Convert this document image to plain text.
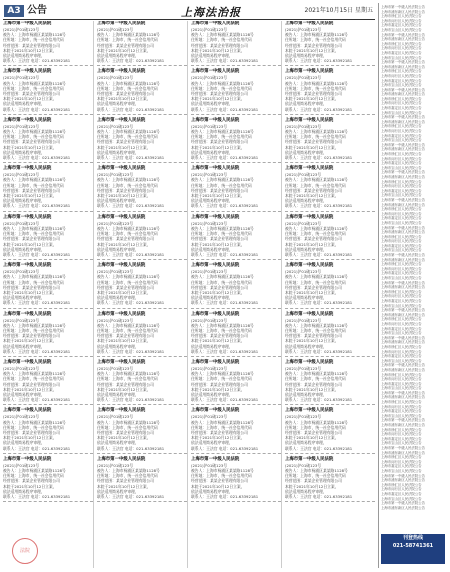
A3 公告	上海法治报	2021年10月15日 星期五
上海市第一中级人民法院
(2021)沪01破123号
被告人：上海市杨浦区某某路1128号
住所地：上海市，统一社会信用代码
经营范围：某某企业管理有限公司
本院于2021年10月12日立案，
依法适用简易程序审理，
联系人：王法官 电话：021-63392181
上海市第一中级人民法院
(2021)沪01破123号
被告人：上海市杨浦区某某路1128号
住所地：上海市，统一社会信用代码
经营范围：某某企业管理有限公司
本院于2021年10月12日立案，
依法适用简易程序审理，
联系人：王法官 电话：021-63392181
上海市第一中级人民法院
(2021)沪01破123号
被告人：上海市杨浦区某某路1128号
住所地：上海市，统一社会信用代码
经营范围：某某企业管理有限公司
本院于2021年10月12日立案，
依法适用简易程序审理，
联系人：王法官 电话：021-63392181
上海市第一中级人民法院
(2021)沪01破123号
被告人：上海市杨浦区某某路1128号
住所地：上海市，统一社会信用代码
经营范围：某某企业管理有限公司
本院于2021年10月12日立案，
依法适用简易程序审理，
联系人：王法官 电话：021-63392181
上海市第一中级人民法院
(2021)沪01破123号
被告人：上海市杨浦区某某路1128号
住所地：上海市，统一社会信用代码
经营范围：某某企业管理有限公司
本院于2021年10月12日立案，
依法适用简易程序审理，
联系人：王法官 电话：021-63392181
上海市第一中级人民法院
(2021)沪01破123号
被告人：上海市杨浦区某某路1128号
住所地：上海市，统一社会信用代码
经营范围：某某企业管理有限公司
本院于2021年10月12日立案，
依法适用简易程序审理，
联系人：王法官 电话：021-63392181
上海市第一中级人民法院
(2021)沪01破123号
被告人：上海市杨浦区某某路1128号
住所地：上海市，统一社会信用代码
经营范围：某某企业管理有限公司
本院于2021年10月12日立案，
依法适用简易程序审理，
联系人：王法官 电话：021-63392181
上海市第一中级人民法院
(2021)沪01破123号
被告人：上海市杨浦区某某路1128号
住所地：上海市，统一社会信用代码
经营范围：某某企业管理有限公司
本院于2021年10月12日立案，
依法适用简易程序审理，
联系人：王法官 电话：021-63392181
上海市第一中级人民法院
(2021)沪01破123号
被告人：上海市杨浦区某某路1128号
住所地：上海市，统一社会信用代码
经营范围：某某企业管理有限公司
本院于2021年10月12日立案，
依法适用简易程序审理，
联系人：王法官 电话：021-63392181
上海市第一中级人民法院
(2021)沪01破123号
被告人：上海市杨浦区某某路1128号
住所地：上海市，统一社会信用代码
经营范围：某某企业管理有限公司
本院于2021年10月12日立案，
依法适用简易程序审理，
联系人：王法官 电话：021-63392181
上海市第一中级人民法院
(2021)沪01破123号
被告人：上海市杨浦区某某路1128号
住所地：上海市，统一社会信用代码
经营范围：某某企业管理有限公司
本院于2021年10月12日立案，
依法适用简易程序审理，
联系人：王法官 电话：021-63392181
上海市第一中级人民法院
(2021)沪01破123号
被告人：上海市杨浦区某某路1128号
住所地：上海市，统一社会信用代码
经营范围：某某企业管理有限公司
本院于2021年10月12日立案，
依法适用简易程序审理，
联系人：王法官 电话：021-63392181
上海市第一中级人民法院
(2021)沪01破123号
被告人：上海市杨浦区某某路1128号
住所地：上海市，统一社会信用代码
经营范围：某某企业管理有限公司
本院于2021年10月12日立案，
依法适用简易程序审理，
联系人：王法官 电话：021-63392181
上海市第一中级人民法院
(2021)沪01破123号
被告人：上海市杨浦区某某路1128号
住所地：上海市，统一社会信用代码
经营范围：某某企业管理有限公司
本院于2021年10月12日立案，
依法适用简易程序审理，
联系人：王法官 电话：021-63392181
上海市第一中级人民法院
(2021)沪01破123号
被告人：上海市杨浦区某某路1128号
住所地：上海市，统一社会信用代码
经营范围：某某企业管理有限公司
本院于2021年10月12日立案，
依法适用简易程序审理，
联系人：王法官 电话：021-63392181
上海市第一中级人民法院
(2021)沪01破123号
被告人：上海市杨浦区某某路1128号
住所地：上海市，统一社会信用代码
经营范围：某某企业管理有限公司
本院于2021年10月12日立案，
依法适用简易程序审理，
联系人：王法官 电话：021-63392181
上海市第一中级人民法院
(2021)沪01破123号
被告人：上海市杨浦区某某路1128号
住所地：上海市，统一社会信用代码
经营范围：某某企业管理有限公司
本院于2021年10月12日立案，
依法适用简易程序审理，
联系人：王法官 电话：021-63392181
上海市第一中级人民法院
(2021)沪01破123号
被告人：上海市杨浦区某某路1128号
住所地：上海市，统一社会信用代码
经营范围：某某企业管理有限公司
本院于2021年10月12日立案，
依法适用简易程序审理，
联系人：王法官 电话：021-63392181
上海市第一中级人民法院
(2021)沪01破123号
被告人：上海市杨浦区某某路1128号
住所地：上海市，统一社会信用代码
经营范围：某某企业管理有限公司
本院于2021年10月12日立案，
依法适用简易程序审理，
联系人：王法官 电话：021-63392181
上海市第一中级人民法院
(2021)沪01破123号
被告人：上海市杨浦区某某路1128号
住所地：上海市，统一社会信用代码
经营范围：某某企业管理有限公司
本院于2021年10月12日立案，
依法适用简易程序审理，
联系人：王法官 电话：021-63392181
上海市第一中级人民法院
(2021)沪01破123号
被告人：上海市杨浦区某某路1128号
住所地：上海市，统一社会信用代码
经营范围：某某企业管理有限公司
本院于2021年10月12日立案，
依法适用简易程序审理，
联系人：王法官 电话：021-63392181
上海市第一中级人民法院
(2021)沪01破123号
被告人：上海市杨浦区某某路1128号
住所地：上海市，统一社会信用代码
经营范围：某某企业管理有限公司
本院于2021年10月12日立案，
依法适用简易程序审理，
联系人：王法官 电话：021-63392181
上海市第一中级人民法院
(2021)沪01破123号
被告人：上海市杨浦区某某路1128号
住所地：上海市，统一社会信用代码
经营范围：某某企业管理有限公司
本院于2021年10月12日立案，
依法适用简易程序审理，
联系人：王法官 电话：021-63392181
上海市第一中级人民法院
(2021)沪01破123号
被告人：上海市杨浦区某某路1128号
住所地：上海市，统一社会信用代码
经营范围：某某企业管理有限公司
本院于2021年10月12日立案，
依法适用简易程序审理，
联系人：王法官 电话：021-63392181
上海市第一中级人民法院
(2021)沪01破123号
被告人：上海市杨浦区某某路1128号
住所地：上海市，统一社会信用代码
经营范围：某某企业管理有限公司
本院于2021年10月12日立案，
依法适用简易程序审理，
联系人：王法官 电话：021-63392181
上海市第一中级人民法院
(2021)沪01破123号
被告人：上海市杨浦区某某路1128号
住所地：上海市，统一社会信用代码
经营范围：某某企业管理有限公司
本院于2021年10月12日立案，
依法适用简易程序审理，
联系人：王法官 电话：021-63392181
上海市第一中级人民法院
(2021)沪01破123号
被告人：上海市杨浦区某某路1128号
住所地：上海市，统一社会信用代码
经营范围：某某企业管理有限公司
本院于2021年10月12日立案，
依法适用简易程序审理，
联系人：王法官 电话：021-63392181
上海市第一中级人民法院
(2021)沪01破123号
被告人：上海市杨浦区某某路1128号
住所地：上海市，统一社会信用代码
经营范围：某某企业管理有限公司
本院于2021年10月12日立案，
依法适用简易程序审理，
联系人：王法官 电话：021-63392181
上海市第一中级人民法院
(2021)沪01破123号
被告人：上海市杨浦区某某路1128号
住所地：上海市，统一社会信用代码
经营范围：某某企业管理有限公司
本院于2021年10月12日立案，
依法适用简易程序审理，
联系人：王法官 电话：021-63392181
上海市第一中级人民法院
(2021)沪01破123号
被告人：上海市杨浦区某某路1128号
住所地：上海市，统一社会信用代码
经营范围：某某企业管理有限公司
本院于2021年10月12日立案，
依法适用简易程序审理，
联系人：王法官 电话：021-63392181
上海市第一中级人民法院
(2021)沪01破123号
被告人：上海市杨浦区某某路1128号
住所地：上海市，统一社会信用代码
经营范围：某某企业管理有限公司
本院于2021年10月12日立案，
依法适用简易程序审理，
联系人：王法官 电话：021-63392181
上海市第一中级人民法院
(2021)沪01破123号
被告人：上海市杨浦区某某路1128号
住所地：上海市，统一社会信用代码
经营范围：某某企业管理有限公司
本院于2021年10月12日立案，
依法适用简易程序审理，
联系人：王法官 电话：021-63392181
上海市第一中级人民法院
(2021)沪01破123号
被告人：上海市杨浦区某某路1128号
住所地：上海市，统一社会信用代码
经营范围：某某企业管理有限公司
本院于2021年10月12日立案，
依法适用简易程序审理，
联系人：王法官 电话：021-63392181
上海市第一中级人民法院
(2021)沪01破123号
被告人：上海市杨浦区某某路1128号
住所地：上海市，统一社会信用代码
经营范围：某某企业管理有限公司
本院于2021年10月12日立案，
依法适用简易程序审理，
联系人：王法官 电话：021-63392181
上海市第一中级人民法院
(2021)沪01破123号
被告人：上海市杨浦区某某路1128号
住所地：上海市，统一社会信用代码
经营范围：某某企业管理有限公司
本院于2021年10月12日立案，
依法适用简易程序审理，
联系人：王法官 电话：021-63392181
上海市第一中级人民法院
(2021)沪01破123号
被告人：上海市杨浦区某某路1128号
住所地：上海市，统一社会信用代码
经营范围：某某企业管理有限公司
本院于2021年10月12日立案，
依法适用简易程序审理，
联系人：王法官 电话：021-63392181
上海市第一中级人民法院
(2021)沪01破123号
被告人：上海市杨浦区某某路1128号
住所地：上海市，统一社会信用代码
经营范围：某某企业管理有限公司
本院于2021年10月12日立案，
依法适用简易程序审理，
联系人：王法官 电话：021-63392181
上海市第一中级人民法院
(2021)沪01破123号
被告人：上海市杨浦区某某路1128号
住所地：上海市，统一社会信用代码
经营范围：某某企业管理有限公司
本院于2021年10月12日立案，
依法适用简易程序审理，
联系人：王法官 电话：021-63392181
上海市第一中级人民法院
(2021)沪01破123号
被告人：上海市杨浦区某某路1128号
住所地：上海市，统一社会信用代码
经营范围：某某企业管理有限公司
本院于2021年10月12日立案，
依法适用简易程序审理，
联系人：王法官 电话：021-63392181
上海市第一中级人民法院
(2021)沪01破123号
被告人：上海市杨浦区某某路1128号
住所地：上海市，统一社会信用代码
经营范围：某某企业管理有限公司
本院于2021年10月12日立案，
依法适用简易程序审理，
联系人：王法官 电话：021-63392181
上海市第一中级人民法院公告
上海市浦东新区人民法院公告
上海市徐汇区人民法院公告
上海市闵行区人民法院公告
上海市嘉定区人民法院公告
上海市宝山区人民法院公告
上海市第一中级人民法院公告
上海市浦东新区人民法院公告
上海市徐汇区人民法院公告
上海市闵行区人民法院公告
上海市嘉定区人民法院公告
上海市宝山区人民法院公告
上海市第一中级人民法院公告
上海市浦东新区人民法院公告
上海市徐汇区人民法院公告
上海市闵行区人民法院公告
上海市嘉定区人民法院公告
上海市宝山区人民法院公告
上海市第一中级人民法院公告
上海市浦东新区人民法院公告
上海市徐汇区人民法院公告
上海市闵行区人民法院公告
上海市嘉定区人民法院公告
上海市宝山区人民法院公告
上海市第一中级人民法院公告
上海市浦东新区人民法院公告
上海市徐汇区人民法院公告
上海市闵行区人民法院公告
上海市嘉定区人民法院公告
上海市宝山区人民法院公告
上海市第一中级人民法院公告
上海市浦东新区人民法院公告
上海市徐汇区人民法院公告
上海市闵行区人民法院公告
上海市嘉定区人民法院公告
上海市宝山区人民法院公告
上海市第一中级人民法院公告
上海市浦东新区人民法院公告
上海市徐汇区人民法院公告
上海市闵行区人民法院公告
上海市嘉定区人民法院公告
上海市宝山区人民法院公告
上海市第一中级人民法院公告
上海市浦东新区人民法院公告
上海市徐汇区人民法院公告
上海市闵行区人民法院公告
上海市嘉定区人民法院公告
上海市宝山区人民法院公告
上海市第一中级人民法院公告
上海市浦东新区人民法院公告
上海市徐汇区人民法院公告
上海市闵行区人民法院公告
上海市嘉定区人民法院公告
上海市宝山区人民法院公告
上海市第一中级人民法院公告
上海市浦东新区人民法院公告
上海市徐汇区人民法院公告
上海市闵行区人民法院公告
上海市嘉定区人民法院公告
上海市宝山区人民法院公告
上海市第一中级人民法院公告
上海市浦东新区人民法院公告
上海市徐汇区人民法院公告
上海市闵行区人民法院公告
上海市嘉定区人民法院公告
上海市宝山区人民法院公告
上海市第一中级人民法院公告
上海市浦东新区人民法院公告
上海市徐汇区人民法院公告
上海市闵行区人民法院公告
上海市嘉定区人民法院公告
上海市宝山区人民法院公告
上海市第一中级人民法院公告
上海市浦东新区人民法院公告
上海市徐汇区人民法院公告
上海市闵行区人民法院公告
上海市嘉定区人民法院公告
上海市宝山区人民法院公告
上海市第一中级人民法院公告
上海市浦东新区人民法院公告
上海市徐汇区人民法院公告
上海市闵行区人民法院公告
上海市嘉定区人民法院公告
上海市宝山区人民法院公告
上海市第一中级人民法院公告
上海市浦东新区人民法院公告
上海市徐汇区人民法院公告
上海市闵行区人民法院公告
上海市嘉定区人民法院公告
上海市宝山区人民法院公告
上海市第一中级人民法院公告
上海市浦东新区人民法院公告
上海市徐汇区人民法院公告
上海市闵行区人民法院公告
上海市嘉定区人民法院公告
上海市宝山区人民法院公告
上海市第一中级人民法院公告
上海市浦东新区人民法院公告
上海市徐汇区人民法院公告
上海市闵行区人民法院公告
上海市嘉定区人民法院公告
上海市宝山区人民法院公告
上海市第一中级人民法院公告
上海市浦东新区人民法院公告
上海市徐汇区人民法院公告
上海市闵行区人民法院公告
上海市嘉定区人民法院公告
上海市宝山区人民法院公告
上海市第一中级人民法院公告
上海市浦东新区人民法院公告
刊登热线
021-58741361
法院
